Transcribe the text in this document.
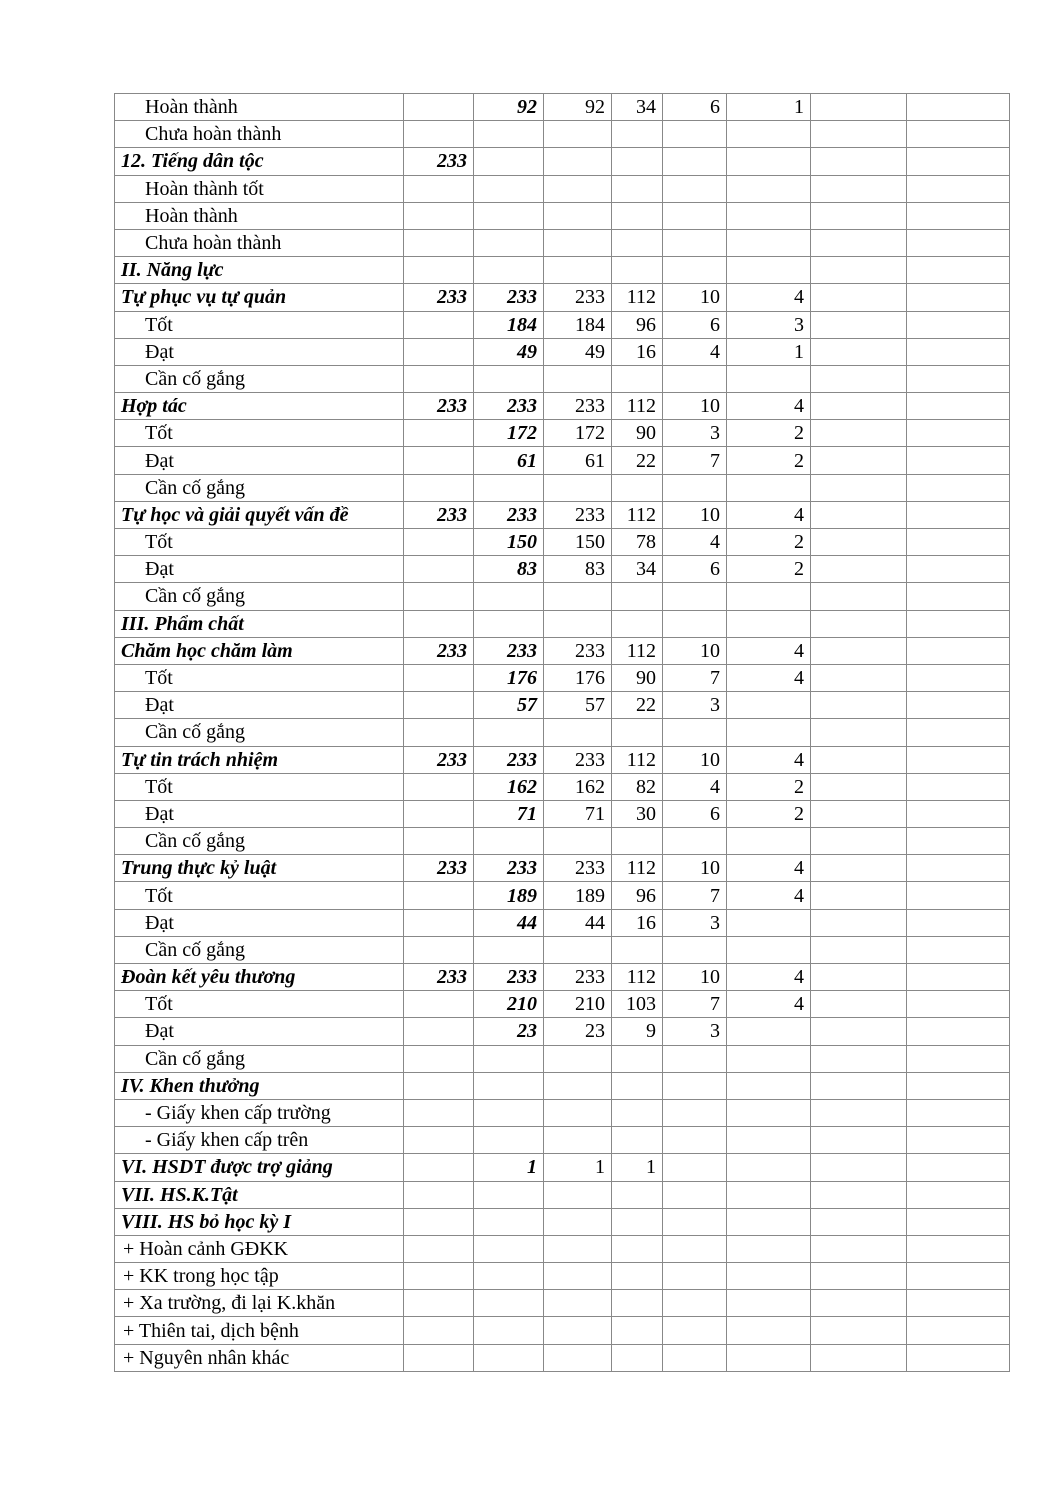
Hoàn thành		92	92	34	6	1		
Chưa hoàn thành								
12. Tiếng dân tộc	233							
Hoàn thành tốt								
Hoàn thành								
Chưa hoàn thành								
II. Năng lực								
Tự phục vụ tự quản	233	233	233	112	10	4		
Tốt		184	184	96	6	3		
Đạt		49	49	16	4	1		
Cần cố gắng								
Hợp tác	233	233	233	112	10	4		
Tốt		172	172	90	3	2		
Đạt		61	61	22	7	2		
Cần cố gắng								
Tự học và giải quyết vấn đề	233	233	233	112	10	4		
Tốt		150	150	78	4	2		
Đạt		83	83	34	6	2		
Cần cố gắng								
III. Phẩm chất								
Chăm học chăm làm	233	233	233	112	10	4		
Tốt		176	176	90	7	4		
Đạt		57	57	22	3			
Cần cố gắng								
Tự tin trách nhiệm	233	233	233	112	10	4		
Tốt		162	162	82	4	2		
Đạt		71	71	30	6	2		
Cần cố gắng								
Trung thực kỷ luật	233	233	233	112	10	4		
Tốt		189	189	96	7	4		
Đạt		44	44	16	3			
Cần cố gắng								
Đoàn kết yêu thương	233	233	233	112	10	4		
Tốt		210	210	103	7	4		
Đạt		23	23	9	3			
Cần cố gắng								
IV. Khen thưởng								
- Giấy khen cấp trường								
- Giấy khen cấp trên								
VI. HSDT được trợ giảng		1	1	1				
VII. HS.K.Tật								
VIII. HS bỏ học kỳ I								
+ Hoàn cảnh GĐKK								
+ KK trong học tập								
+ Xa trường, đi lại K.khăn								
+ Thiên tai, dịch bệnh								
+ Nguyên nhân khác								
